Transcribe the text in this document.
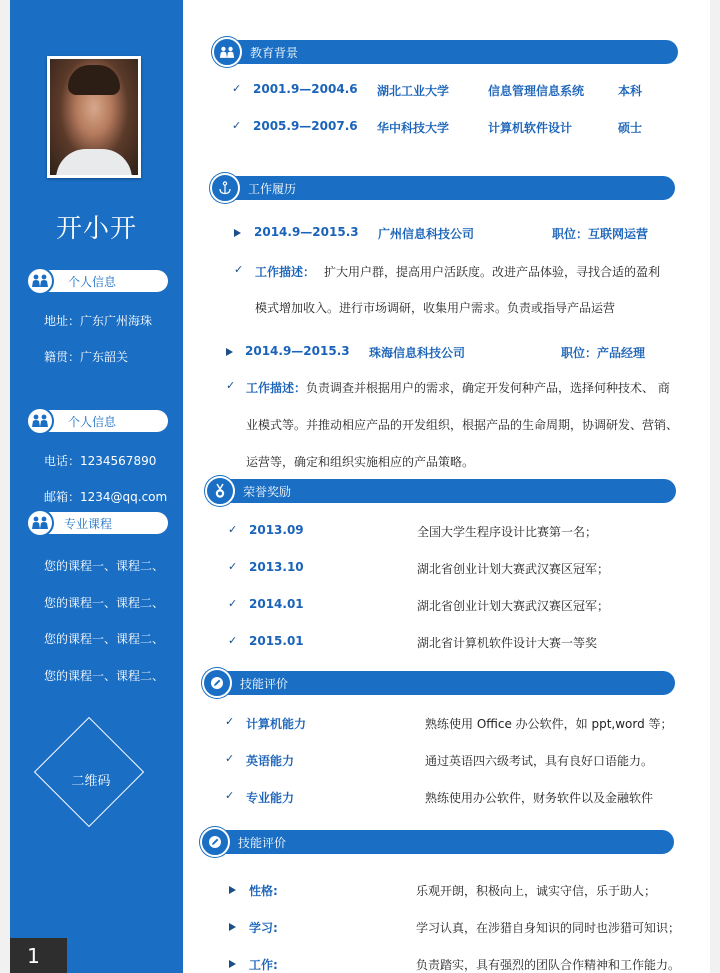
开小开
个人信息
地址：广东广州海珠
籍贯：广东韶关
个人信息
电话：1234567890
邮箱：1234@qq.com
专业课程
您的课程一、课程二、
您的课程一、课程二、
您的课程一、课程二、
您的课程一、课程二、
二维码
1
教育背景
✓ 2001.9—2004.6 湖北工业大学	信息管理信息系统	本科
✓ 2005.9—2007.6 华中科技大学	计算机软件设计	硕士
工作履历
2014.9—2015.3 广州信息科技公司	职位：互联网运营
✓ 工作描述： 扩大用户群，提高用户活跃度。改进产品体验，寻找合适的盈利
模式增加收入。进行市场调研，收集用户需求。负责或指导产品运营
2014.9—2015.3 珠海信息科技公司	职位：产品经理
✓ 工作描述： 负责调查并根据用户的需求，确定开发何种产品，选择何种技术、 商
业模式等。并推动相应产品的开发组织，根据产品的生命周期，协调研发、营销、
运营等，确定和组织实施相应的产品策略。
荣誉奖励
✓ 2013.09	全国大学生程序设计比赛第一名；
✓ 2013.10	湖北省创业计划大赛武汉赛区冠军；
✓ 2014.01	湖北省创业计划大赛武汉赛区冠军；
✓ 2015.01	湖北省计算机软件设计大赛一等奖
技能评价
✓ 计算机能力	熟练使用 Office 办公软件，如 ppt,word 等；
✓ 英语能力	通过英语四六级考试，具有良好口语能力。
✓ 专业能力	熟练使用办公软件，财务软件以及金融软件
技能评价
性格:	乐观开朗，积极向上，诚实守信，乐于助人；
学习:	学习认真，在涉猎自身知识的同时也涉猎可知识；
工作:	负责踏实，具有强烈的团队合作精神和工作能力。
